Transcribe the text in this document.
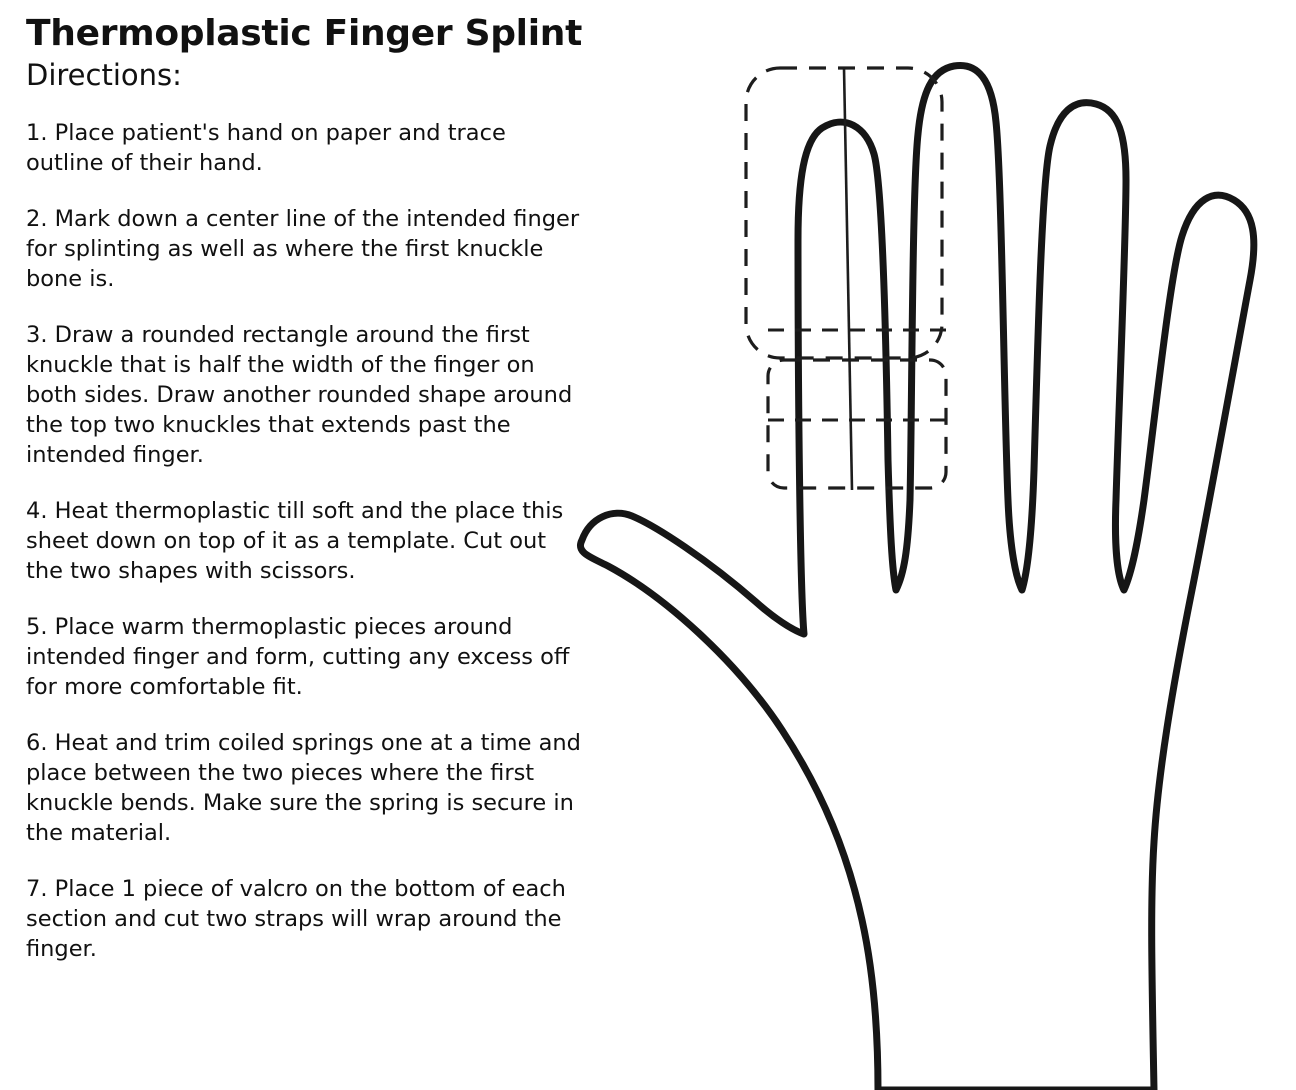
Thermoplastic Finger Splint
Directions:

1. Place patient's hand on paper and trace outline of their hand.

2. Mark down a center line of the intended finger for splinting as well as where the first knuckle bone is.

3. Draw a rounded rectangle around the first knuckle that is half the width of the finger on both sides. Draw another rounded shape around the top two knuckles that extends past the intended finger.

4. Heat thermoplastic till soft and the place this sheet down on top of it as a template. Cut out the two shapes with scissors.

5. Place warm thermoplastic pieces around intended finger and form, cutting any excess off for more comfortable fit.

6. Heat and trim coiled springs one at a time and place between the two pieces where the first knuckle bends. Make sure the spring is secure in the material.

7. Place 1 piece of valcro on the bottom of each section and cut two straps will wrap around the finger.
